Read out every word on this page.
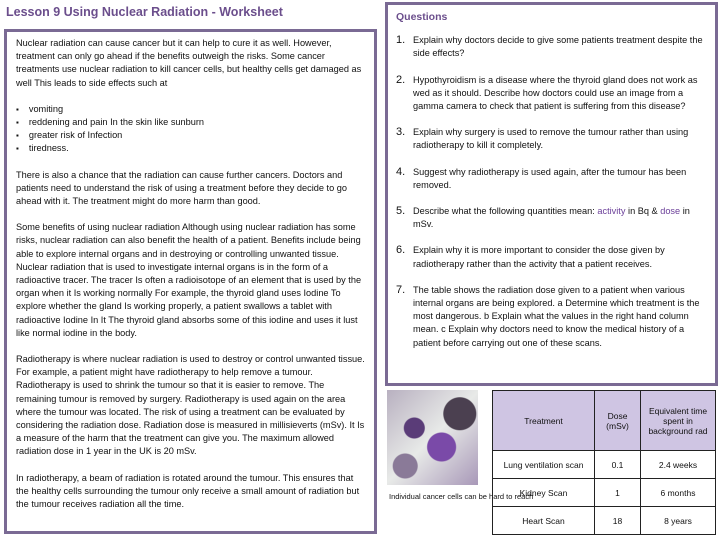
Lesson 9 Using Nuclear Radiation - Worksheet

Nuclear radiation can cause cancer but it can help to cure it as well. However, treatment can only go ahead if the benefits outweigh the risks. Some cancer treatments use nuclear radiation to kill cancer cells, but healthy cells get damaged as well This leads to side effects such at

▪ vomiting
▪ reddening and pain In the skin like sunburn
▪ greater risk of Infection
▪ tiredness.

There is also a chance that the radiation can cause further cancers. Doctors and patients need to understand the risk of using a treatment before they decide to go ahead with it. The treatment might do more harm than good.

Some benefits of using nuclear radiation Although using nuclear radiation has some risks, nuclear radiation can also benefit the health of a patient. Benefits include being able to explore internal organs and in destroying or controlling unwanted tissue. Nuclear radiation that is used to investigate internal organs is in the form of a radioactive tracer. The tracer Is often a radioisotope of an element that is used by the organ when it Is working normally For example, the thyroid gland uses Iodine To explore whether the gland Is working properly, a patient swallows a tablet with radioactive Iodine In It The thyroid gland absorbs some of this iodine and uses it lust like normal iodine in the body.

Radiotherapy is where nuclear radiation is used to destroy or control unwanted tissue. For example, a patient might have radiotherapy to help remove a tumour. Radiotherapy is used to shrink the tumour so that it is easier to remove. The remaining tumour is removed by surgery. Radiotherapy is used again on the area where the tumour was located. The risk of using a treatment can be evaluated by considering the radiation dose. Radiation dose is measured in millisieverts (mSv). It Is a measure of the harm that the treatment can give you. The maximum allowed radiation dose in 1 year in the UK is 20 mSv.

In radiotherapy, a beam of radiation is rotated around the tumour. This ensures that the healthy cells surrounding the tumour only receive a small amount of radiation but the tumour receives radiation all the time.

Questions
1. Explain why doctors decide to give some patients treatment despite the side effects?
2. Hypothyroidism is a disease where the thyroid gland does not work as wed as it should. Describe how doctors could use an image from a gamma camera to check that patient is suffering from this disease?
3. Explain why surgery is used to remove the tumour rather than using radiotherapy to kill it completely.
4. Suggest why radiotherapy is used again, after the tumour has been removed.
5. Describe what the following quantities mean: activity in Bq & dose in mSv.
6. Explain why it is more important to consider the dose given by radiotherapy rather than the activity that a patient receives.
7. The table shows the radiation dose given to a patient when various internal organs are being explored. a Determine which treatment is the most dangerous. b Explain what the values in the right hand column mean. c Explain why doctors need to know the medical history of a patient before carrying out one of these scans.
Individual cancer cells can be hard to reach
Treatment	Dose (mSv)	Equivalent time spent in background rad
Lung ventilation scan	0.1	2.4 weeks
Kidney Scan	1	6 months
Heart Scan	18	8 years
